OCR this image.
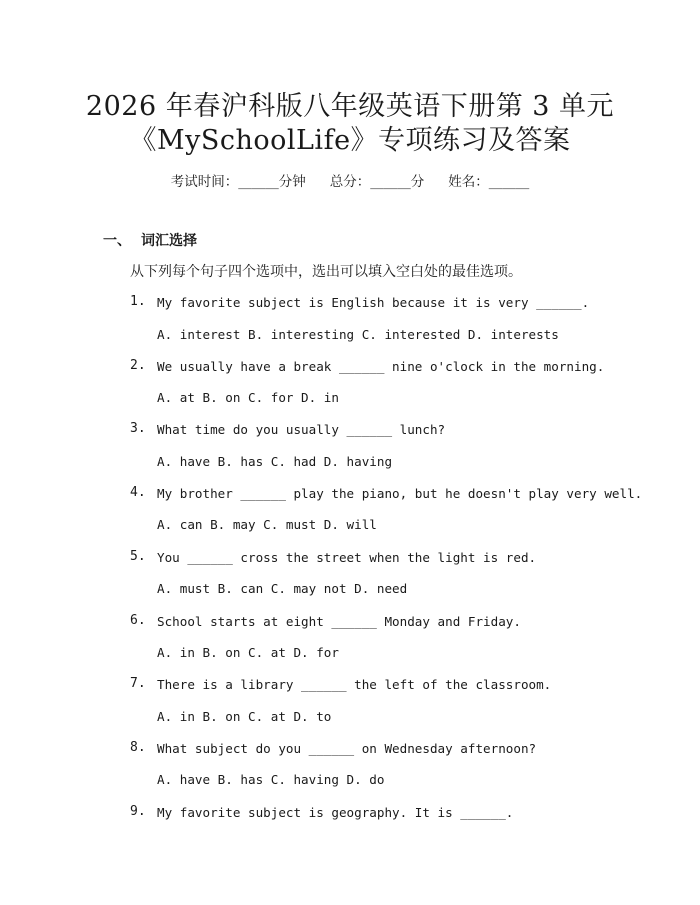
2026 年春沪科版八年级英语下册第 3 单元
《MySchoolLife》专项练习及答案
考试时间：______分钟 总分：______分 姓名：______
一、 词汇选择
从下列每个句子四个选项中，选出可以填入空白处的最佳选项。
1. My favorite subject is English because it is very ______.
A. interest B. interesting C. interested D. interests
2. We usually have a break ______ nine o'clock in the morning.
A. at B. on C. for D. in
3. What time do you usually ______ lunch?
A. have B. has C. had D. having
4. My brother ______ play the piano, but he doesn't play very well.
A. can B. may C. must D. will
5. You ______ cross the street when the light is red.
A. must B. can C. may not D. need
6. School starts at eight ______ Monday and Friday.
A. in B. on C. at D. for
7. There is a library ______ the left of the classroom.
A. in B. on C. at D. to
8. What subject do you ______ on Wednesday afternoon?
A. have B. has C. having D. do
9. My favorite subject is geography. It is ______.
